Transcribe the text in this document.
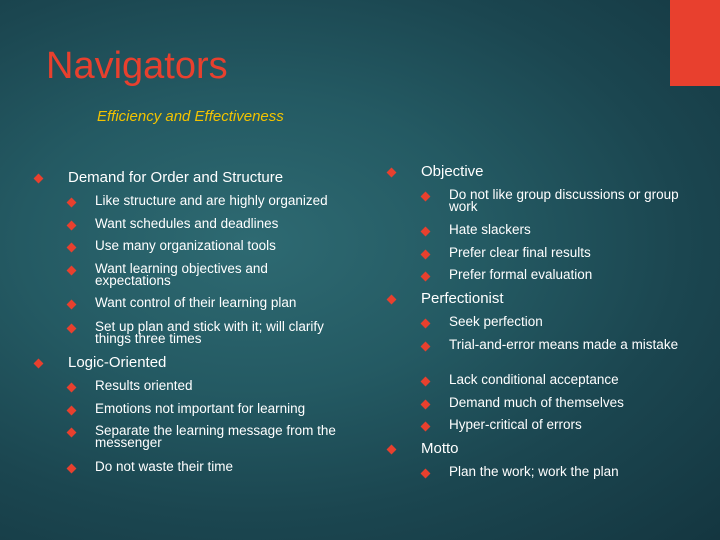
Navigators
Efficiency and Effectiveness
Demand for Order and Structure
Like structure and are highly organized
Want schedules and deadlines
Use many organizational tools
Want learning objectives and expectations
Want control of their learning plan
Set up plan and stick with it; will clarify things three times
Logic-Oriented
Results oriented
Emotions not important for learning
Separate the learning message from the messenger
Do not waste their time
Objective
Do not like group discussions or group work
Hate slackers
Prefer clear final results
Prefer formal evaluation
Perfectionist
Seek perfection
Trial-and-error means made a mistake
Lack conditional acceptance
Demand much of themselves
Hyper-critical of errors
Motto
Plan the work; work the plan
